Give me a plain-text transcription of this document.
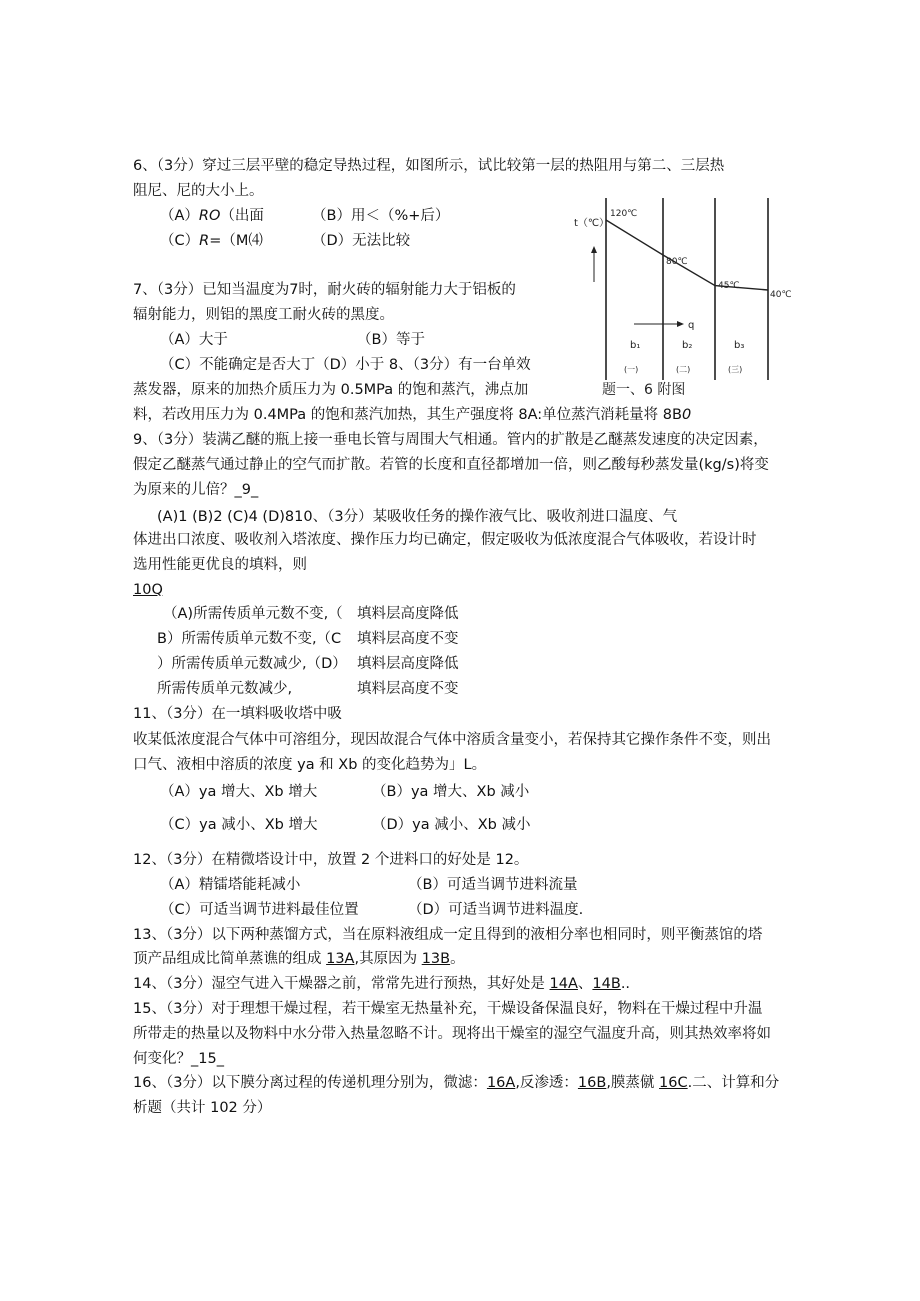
6、（3分）穿过三层平壁的稳定导热过程，如图所示，试比较第一层的热阻用与第二、三层热
阻尼、尼的大小上。
（A）RO（出面	（B）用＜（%+后）
（C）R=（M⑷	（D）无法比较
7、（3分）已知当温度为7时，耐火砖的辐射能力大于铝板的
辐射能力，则铝的黑度工耐火砖的黑度。
（A）大于	（B）等于
（C）不能确定是否大丁（D）小于 8、（3分）有一台单效
蒸发器，原来的加热介质压力为 0.5MPa 的饱和蒸汽，沸点加
料，若改用压力为 0.4MPa 的饱和蒸汽加热，其生产强度将 8A:单位蒸汽消耗量将 8B0
9、（3分）装满乙醚的瓶上接一垂电长管与周围大气相通。管内的扩散是乙醚蒸发速度的决定因素，
假定乙醚蒸气通过静止的空气而扩散。若管的长度和直径都增加一倍，则乙酸每秒蒸发量(kg∕s)将变
为原来的儿倍？_9_
(A)1 (B)2 (C)4 (D)810、（3分）某吸收任务的操作液气比、吸收剂进口温度、气
体进出口浓度、吸收剂入塔浓度、操作压力均已确定，假定吸收为低浓度混合气体吸收，若设计时
选用性能更优良的填料，则
10Q
（A)所需传质单元数不变,（ 填料层高度降低
B）所需传质单元数不变,（C 填料层高度不变
）所需传质单元数减少,（D） 填料层高度降低
所需传质单元数减少,	填料层高度不变
11、（3分）在一填料吸收塔中吸
收某低浓度混合气体中可溶组分，现因故混合气体中溶质含量变小，若保持其它操作条件不变，则出
口气、液相中溶质的浓度 ya 和 Xb 的变化趋势为」L。
（A）ya 增大、Xb 增大	（B）ya 增大、Xb 减小
（C）ya 减小、Xb 增大	（D）ya 减小、Xb 减小
12、（3分）在精微塔设计中，放置 2 个进料口的好处是 12。
（A）精镭塔能耗减小	（B）可适当调节进料流量
（C）可适当调节进料最佳位置	（D）可适当调节进料温度.
13、（3分）以下两种蒸馏方式，当在原料液组成一定且得到的液相分率也相同时，则平衡蒸馆的塔
顶产品组成比简单蒸谯的组成 13A,其原因为 13B。
14、（3分）湿空气进入干燥器之前，常常先进行预热，其好处是 14A、14B..
15、（3分）对于理想干燥过程，若干燥室无热量补充，干燥设备保温良好，物料在干燥过程中升温
所带走的热量以及物料中水分带入热量忽略不计。现将出干燥室的湿空气温度升高，则其热效率将如
何变化？_15_
16、（3分）以下膜分离过程的传递机理分别为，微滤：16A,反渗透：16B,膜蒸僦 16C.二、计算和分
析题（共计 102 分）
t（℃）
120℃
80℃
45℃
40℃
q
b₁	b₂	b₃
(一)	(二)	(三)
题一、6 附图
